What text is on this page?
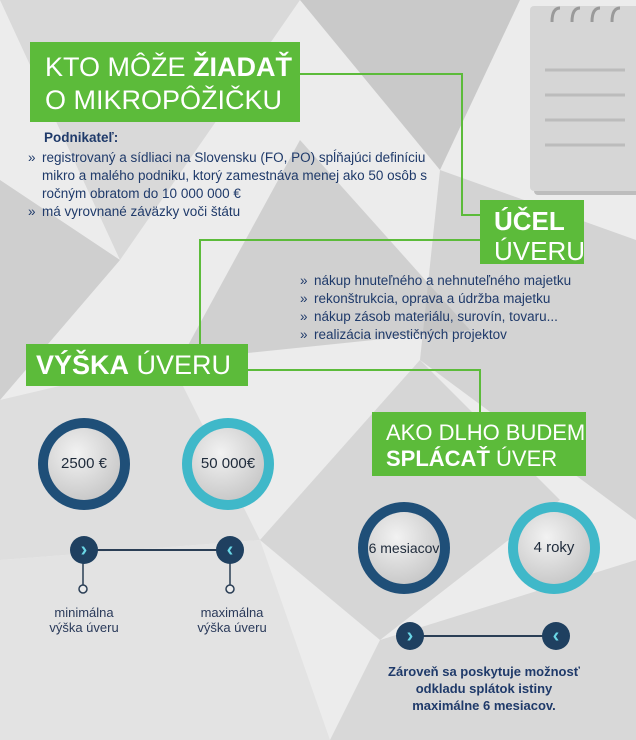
KTO MÔŽE ŽIADAŤ
O MIKROPÔŽIČKU
Podnikateľ:
» registrovaný a sídliaci na Slovensku (FO, PO) spĺňajúci definíciu mikro a malého podniku, ktorý zamestnáva menej ako 50 osôb s ročným obratom do 10 000 000 €
» má vyrovnané záväzky voči štátu	ÚČEL
ÚVERU
» nákup hnuteľného a nehnuteľného majetku
» rekonštrukcia, oprava a údržba majetku
» nákup zásob materiálu, surovín, tovaru...
» realizácia investičných projektov
VÝŠKA ÚVERU
2500 €	50 000€
›	‹
minimálna výška úveru
maximálna výška úveru
AKO DLHO BUDEM
SPLÁCAŤ ÚVER
6 mesiacov	4 roky
›	‹
Zároveň sa poskytuje možnosť odkladu splátok istiny maximálne 6 mesiacov.
